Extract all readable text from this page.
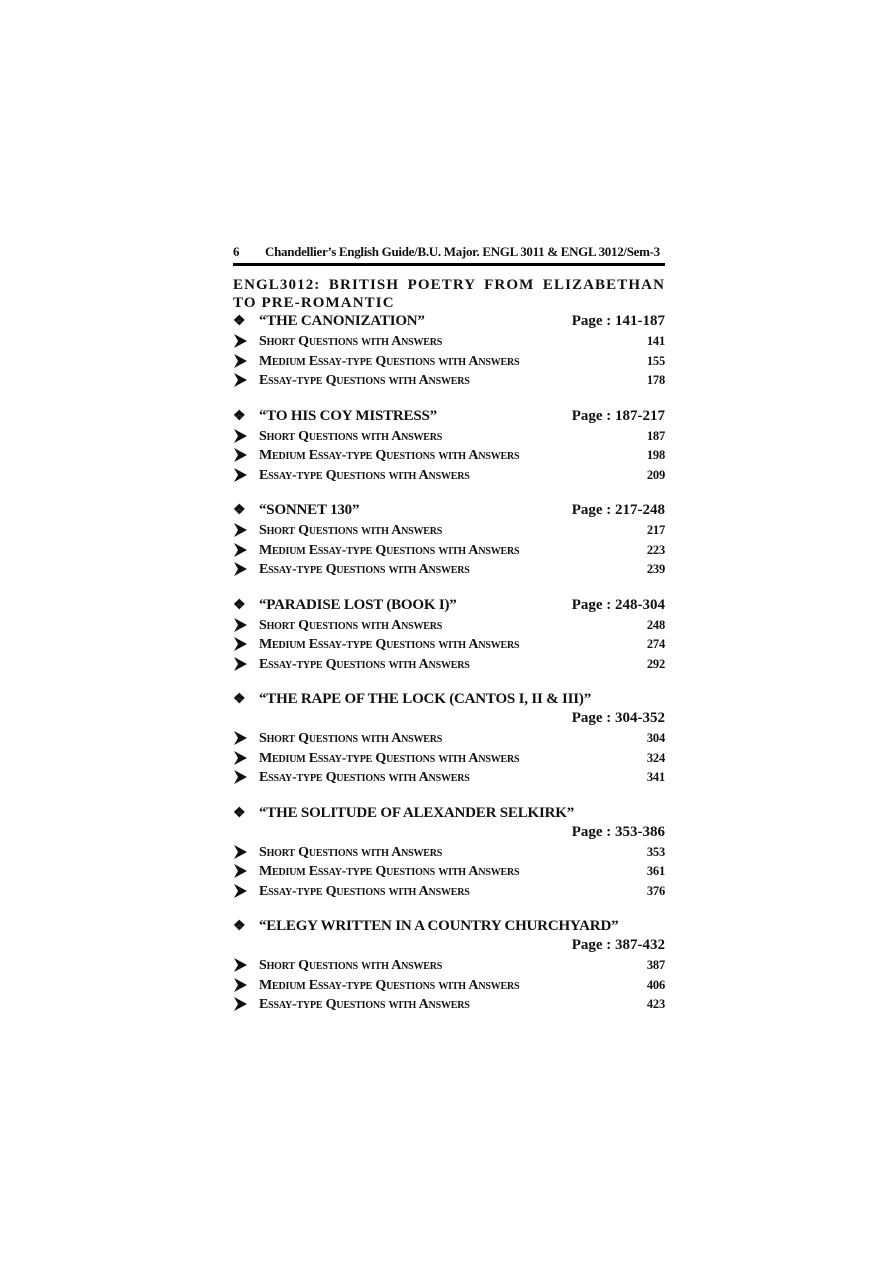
6 Chandellier’s English Guide/B.U. Major. ENGL 3011 & ENGL 3012/Sem-3
ENGL3012: BRITISH POETRY FROM ELIZABETHAN TO PRE-ROMANTIC
❖ “THE CANONIZATION”	Page : 141-187
Short Questions with Answers	141
Medium Essay-type Questions with Answers	155
Essay-type Questions with Answers	178
❖ “TO HIS COY MISTRESS”	Page : 187-217
Short Questions with Answers	187
Medium Essay-type Questions with Answers	198
Essay-type Questions with Answers	209
❖ “SONNET 130”	Page : 217-248
Short Questions with Answers	217
Medium Essay-type Questions with Answers	223
Essay-type Questions with Answers	239
❖ “PARADISE LOST (BOOK I)”	Page : 248-304
Short Questions with Answers	248
Medium Essay-type Questions with Answers	274
Essay-type Questions with Answers	292
❖ “THE RAPE OF THE LOCK (CANTOS I, II & III)”
Page : 304-352
Short Questions with Answers	304
Medium Essay-type Questions with Answers	324
Essay-type Questions with Answers	341
❖ “THE SOLITUDE OF ALEXANDER SELKIRK”
Page : 353-386
Short Questions with Answers	353
Medium Essay-type Questions with Answers	361
Essay-type Questions with Answers	376
❖ “ELEGY WRITTEN IN A COUNTRY CHURCHYARD”
Page : 387-432
Short Questions with Answers	387
Medium Essay-type Questions with Answers	406
Essay-type Questions with Answers	423
